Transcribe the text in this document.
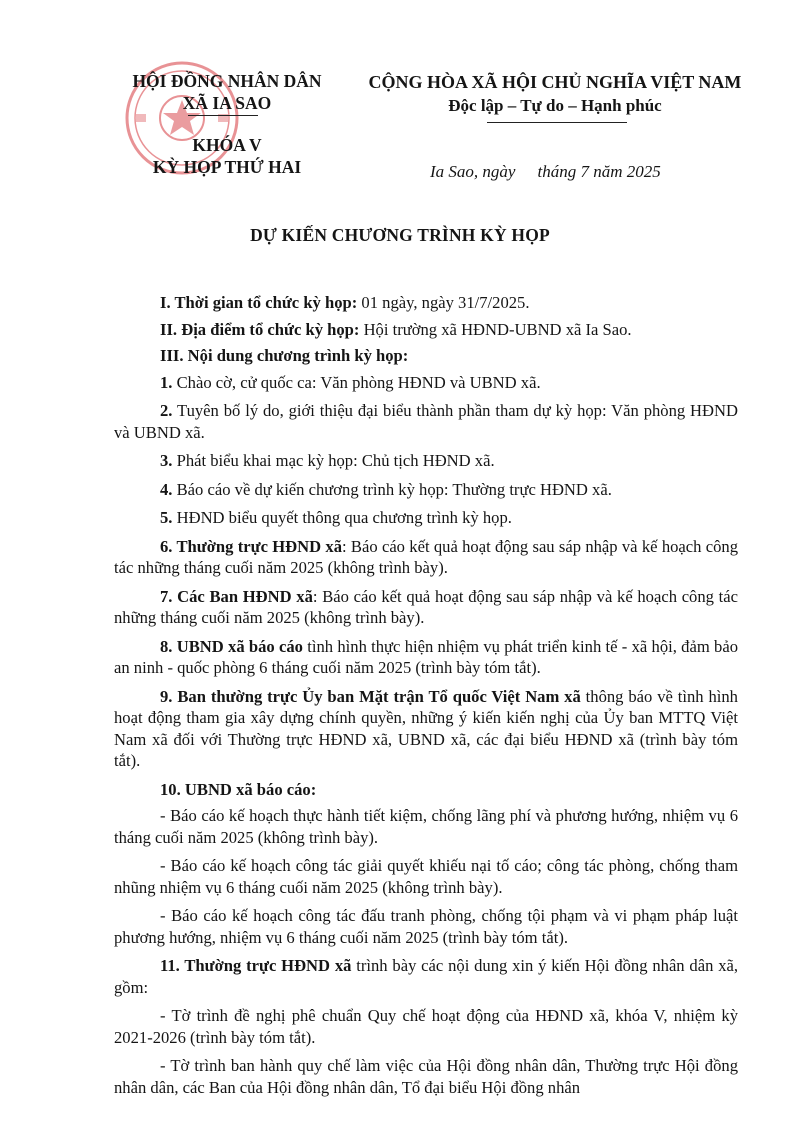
HỘI ĐỒNG NHÂN DÂN
XÃ IA SAO
KHÓA V
KỲ HỌP THỨ HAI
CỘNG HÒA XÃ HỘI CHỦ NGHĨA VIỆT NAM
Độc lập – Tự do – Hạnh phúc
Ia Sao, ngày tháng 7 năm 2025
DỰ KIẾN CHƯƠNG TRÌNH KỲ HỌP

I. Thời gian tổ chức kỳ họp: 01 ngày, ngày 31/7/2025.

II. Địa điểm tổ chức kỳ họp: Hội trường xã HĐND-UBND xã Ia Sao.

III. Nội dung chương trình kỳ họp:

1. Chào cờ, cử quốc ca: Văn phòng HĐND và UBND xã.

2. Tuyên bố lý do, giới thiệu đại biểu thành phần tham dự kỳ họp: Văn phòng HĐND và UBND xã.

3. Phát biểu khai mạc kỳ họp: Chủ tịch HĐND xã.

4. Báo cáo về dự kiến chương trình kỳ họp: Thường trực HĐND xã.

5. HĐND biểu quyết thông qua chương trình kỳ họp.

6. Thường trực HĐND xã: Báo cáo kết quả hoạt động sau sáp nhập và kế hoạch công tác những tháng cuối năm 2025 (không trình bày).

7. Các Ban HĐND xã: Báo cáo kết quả hoạt động sau sáp nhập và kế hoạch công tác những tháng cuối năm 2025 (không trình bày).

8. UBND xã báo cáo tình hình thực hiện nhiệm vụ phát triển kinh tế - xã hội, đảm bảo an ninh - quốc phòng 6 tháng cuối năm 2025 (trình bày tóm tắt).

9. Ban thường trực Ủy ban Mặt trận Tổ quốc Việt Nam xã thông báo về tình hình hoạt động tham gia xây dựng chính quyền, những ý kiến kiến nghị của Ủy ban MTTQ Việt Nam xã đối với Thường trực HĐND xã, UBND xã, các đại biểu HĐND xã (trình bày tóm tắt).

10. UBND xã báo cáo:

- Báo cáo kế hoạch thực hành tiết kiệm, chống lãng phí và phương hướng, nhiệm vụ 6 tháng cuối năm 2025 (không trình bày).

- Báo cáo kế hoạch công tác giải quyết khiếu nại tố cáo; công tác phòng, chống tham nhũng nhiệm vụ 6 tháng cuối năm 2025 (không trình bày).

- Báo cáo kế hoạch công tác đấu tranh phòng, chống tội phạm và vi phạm pháp luật phương hướng, nhiệm vụ 6 tháng cuối năm 2025 (trình bày tóm tắt).

11. Thường trực HĐND xã trình bày các nội dung xin ý kiến Hội đồng nhân dân xã, gồm:

- Tờ trình đề nghị phê chuẩn Quy chế hoạt động của HĐND xã, khóa V, nhiệm kỳ 2021-2026 (trình bày tóm tắt).

- Tờ trình ban hành quy chế làm việc của Hội đồng nhân dân, Thường trực Hội đồng nhân dân, các Ban của Hội đồng nhân dân, Tổ đại biểu Hội đồng nhân
